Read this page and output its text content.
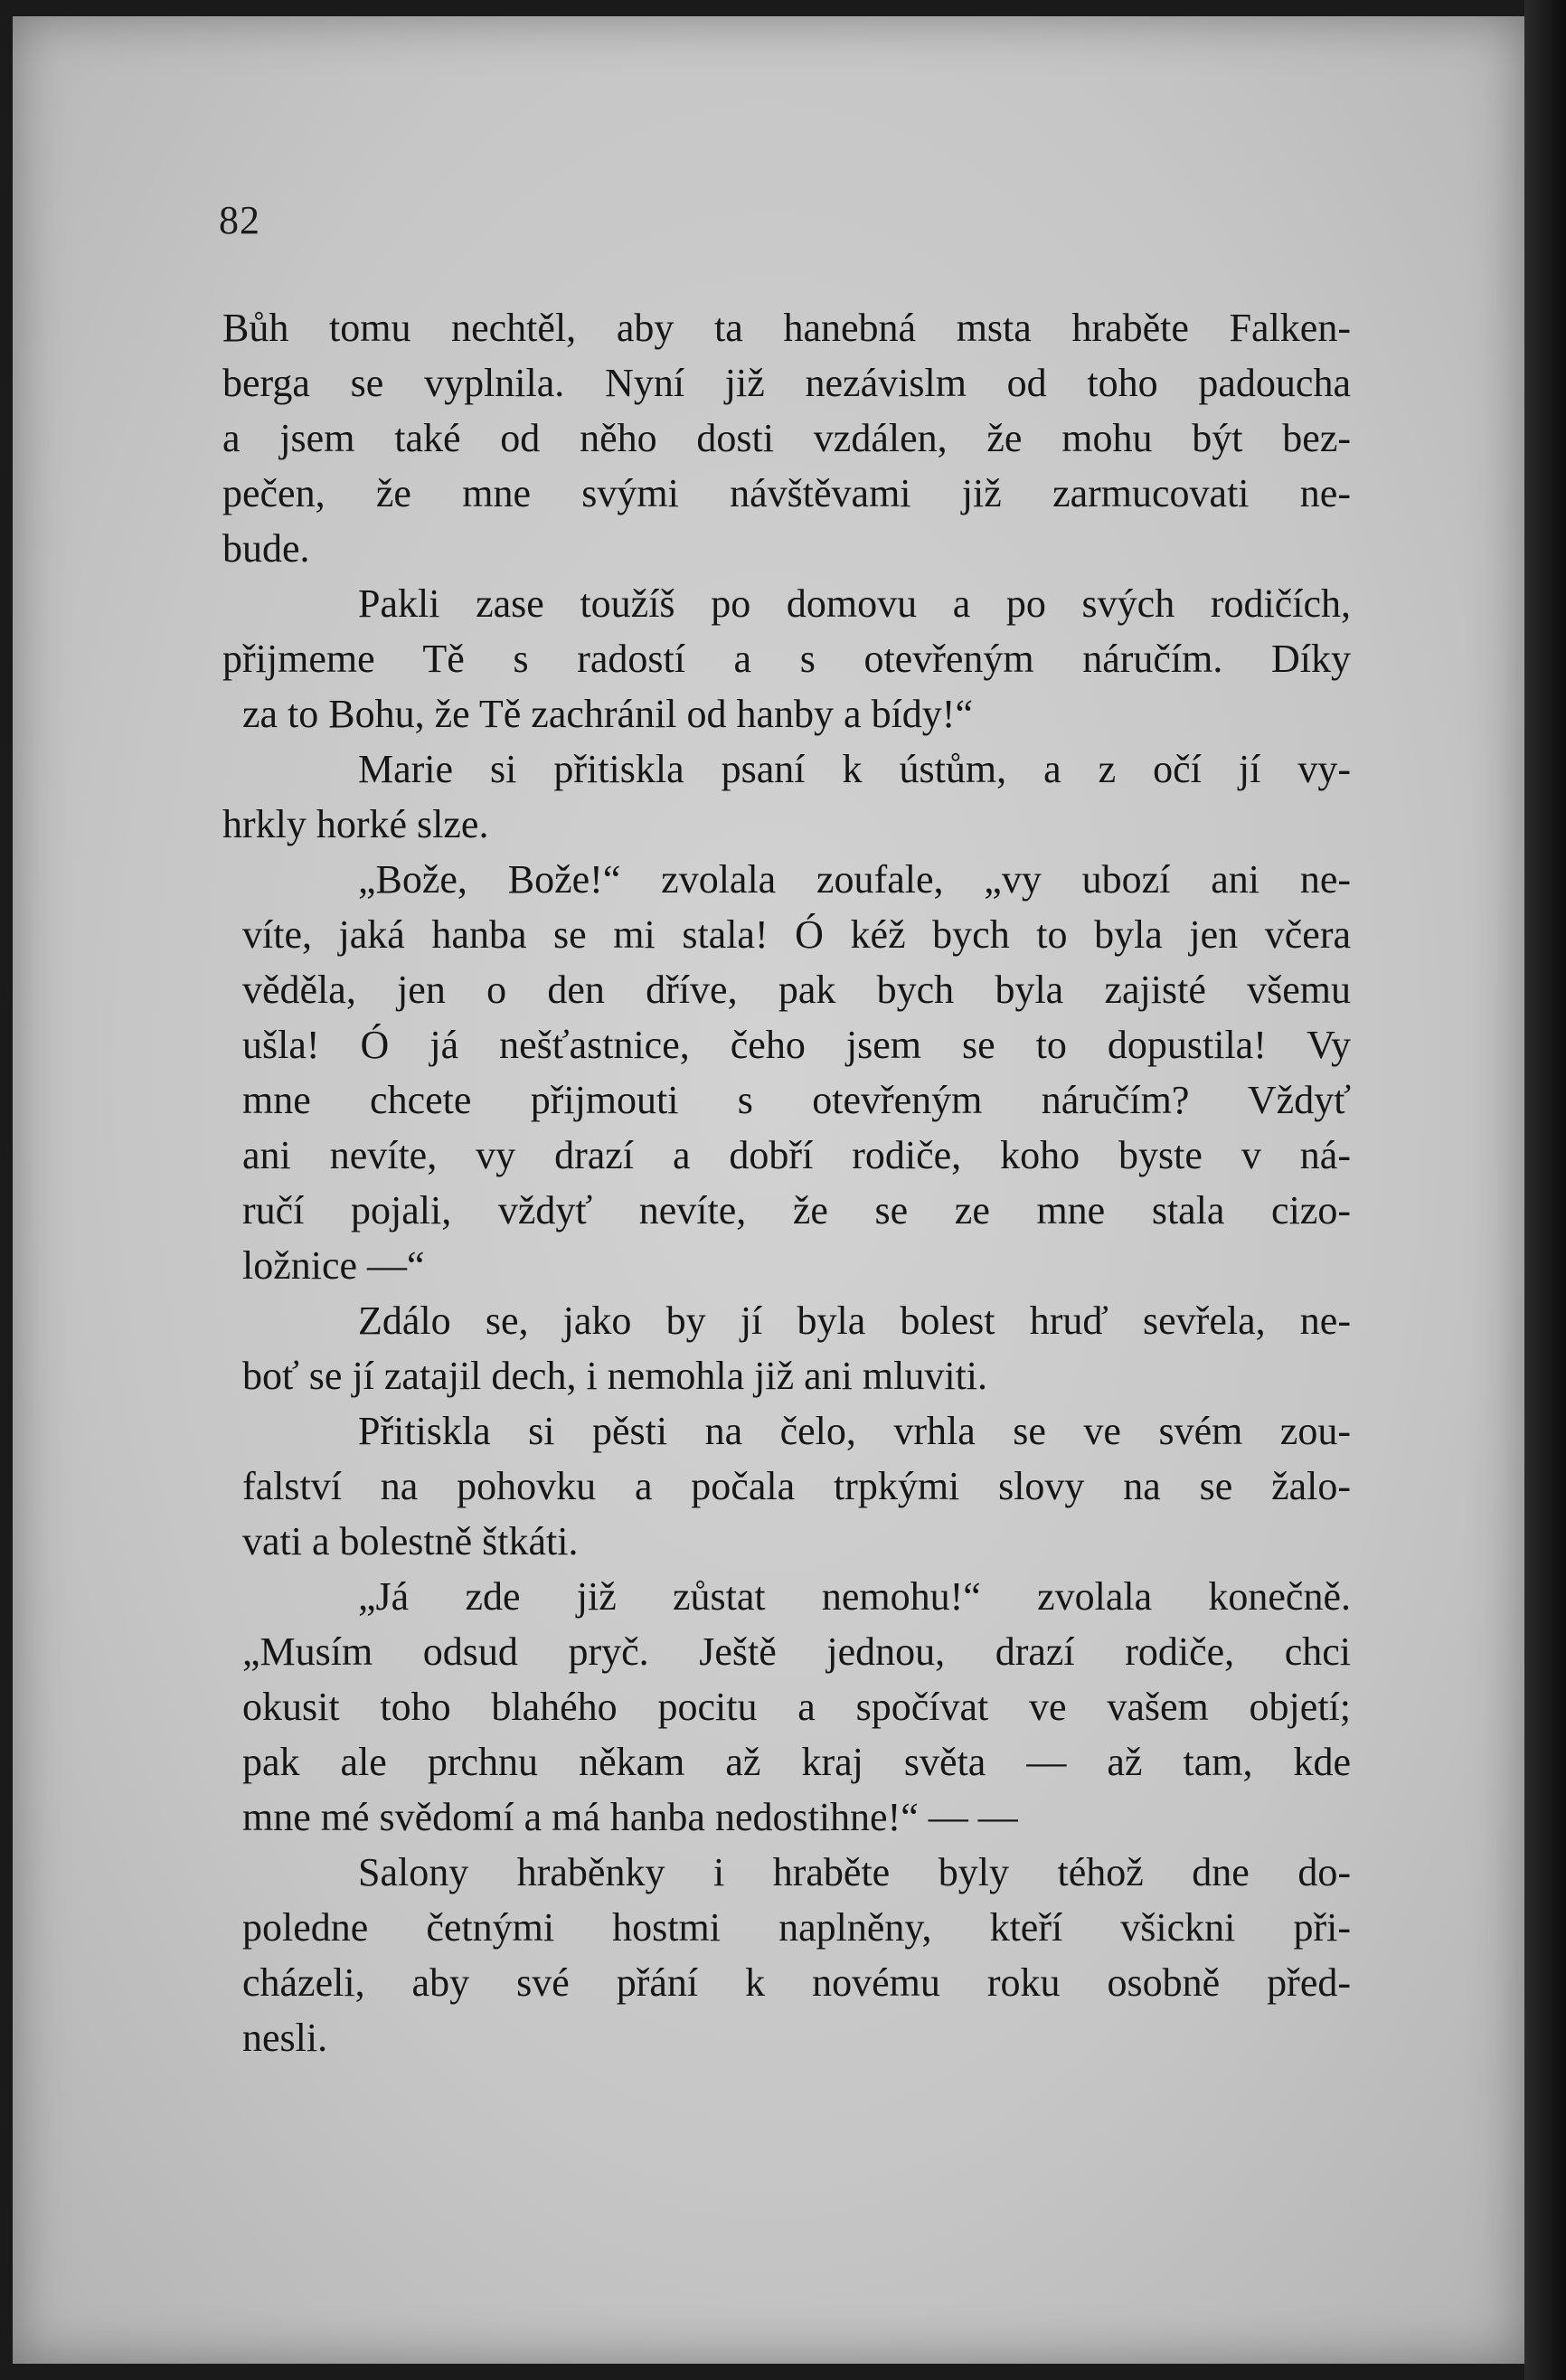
82
Bůh tomu nechtěl, aby ta hanebná msta hraběte Falken-
berga se vyplnila. Nyní již nezávislm od toho padoucha
a jsem také od něho dosti vzdálen, že mohu být bez-
pečen, že mne svými návštěvami již zarmucovati ne-
bude.
Pakli zase toužíš po domovu a po svých rodičích,
přijmeme Tě s radostí a s otevřeným náručím. Díky
za to Bohu, že Tě zachránil od hanby a bídy!“
Marie si přitiskla psaní k ústům, a z očí jí vy-
hrkly horké slze.
„Bože, Bože!“ zvolala zoufale, „vy ubozí ani ne-
víte, jaká hanba se mi stala! Ó kéž bych to byla jen včera
věděla, jen o den dříve, pak bych byla zajisté všemu
ušla! Ó já nešťastnice, čeho jsem se to dopustila! Vy
mne chcete přijmouti s otevřeným náručím? Vždyť
ani nevíte, vy drazí a dobří rodiče, koho byste v ná-
ručí pojali, vždyť nevíte, že se ze mne stala cizo-
ložnice —“
Zdálo se, jako by jí byla bolest hruď sevřela, ne-
boť se jí zatajil dech, i nemohla již ani mluviti.
Přitiskla si pěsti na čelo, vrhla se ve svém zou-
falství na pohovku a počala trpkými slovy na se žalo-
vati a bolestně štkáti.
„Já zde již zůstat nemohu!“ zvolala konečně.
„Musím odsud pryč. Ještě jednou, drazí rodiče, chci
okusit toho blahého pocitu a spočívat ve vašem objetí;
pak ale prchnu někam až kraj světa — až tam, kde
mne mé svědomí a má hanba nedostihne!“ — —
Salony hraběnky i hraběte byly téhož dne do-
poledne četnými hostmi naplněny, kteří všickni při-
cházeli, aby své přání k novému roku osobně před-
nesli.
